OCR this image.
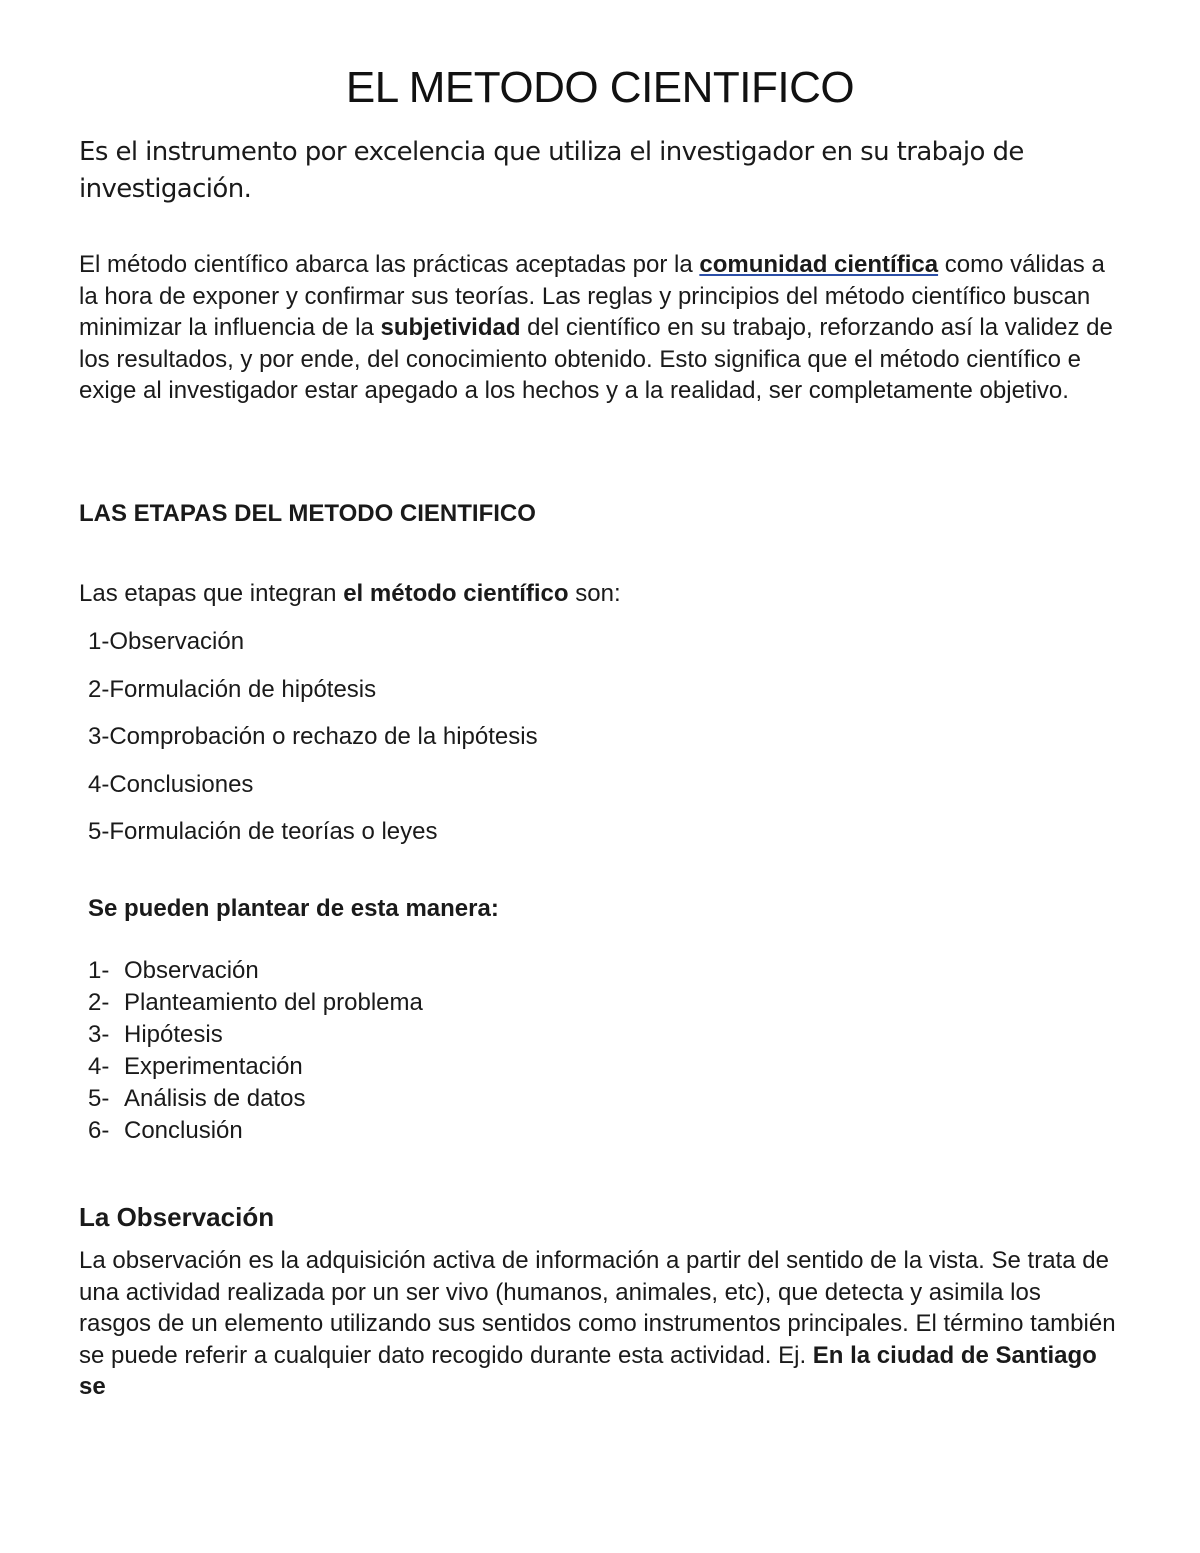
EL METODO CIENTIFICO
Es el instrumento por excelencia que utiliza el investigador en su trabajo de investigación.
El método científico abarca las prácticas aceptadas por la comunidad científica como válidas a la hora de exponer y confirmar sus teorías. Las reglas y principios del método científico buscan minimizar la influencia de la subjetividad del científico en su trabajo, reforzando así la validez de los resultados, y por ende, del conocimiento obtenido. Esto significa que el método científico e exige al investigador estar apegado a los hechos y a la realidad, ser completamente objetivo.
LAS ETAPAS DEL METODO CIENTIFICO
Las etapas que integran el método científico son:
1-Observación
2-Formulación de hipótesis
3-Comprobación o rechazo de la hipótesis
4-Conclusiones
5-Formulación de teorías o leyes
Se pueden plantear de esta manera:
1- Observación
2- Planteamiento del problema
3- Hipótesis
4- Experimentación
5- Análisis de datos
6- Conclusión
La Observación
La observación es la adquisición activa de información a partir del sentido de la vista. Se trata de una actividad realizada por un ser vivo (humanos, animales, etc), que detecta y asimila los rasgos de un elemento utilizando sus sentidos como instrumentos principales. El término también se puede referir a cualquier dato recogido durante esta actividad. Ej. En la ciudad de Santiago se
